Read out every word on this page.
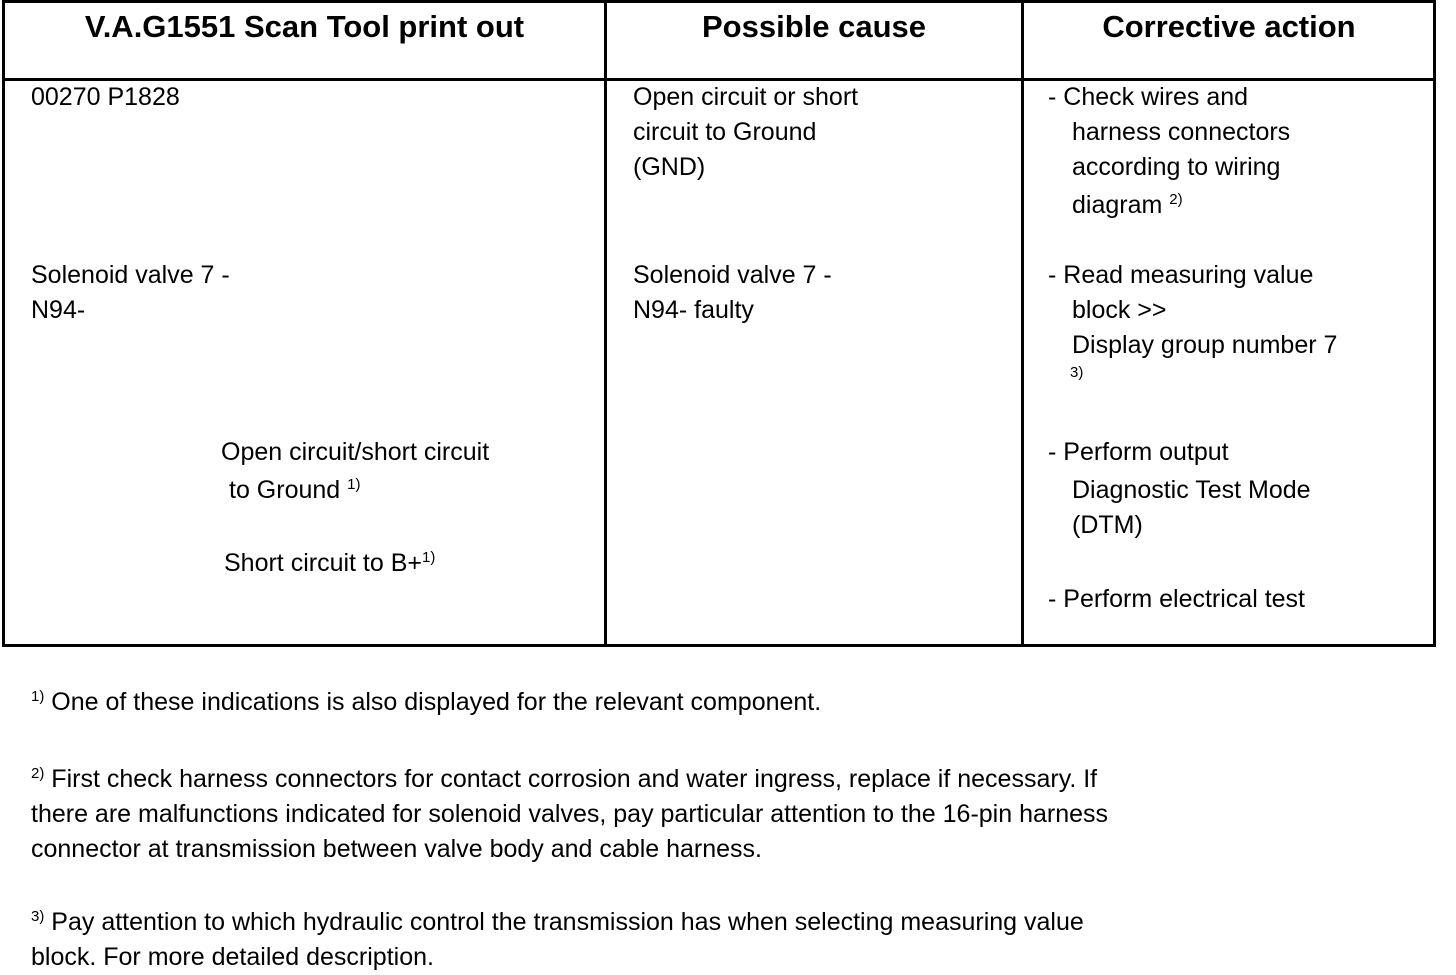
V.A.G1551 Scan Tool print out	Possible cause	Corrective action
00270 P1828
Solenoid valve 7 -
N94-
Open circuit/short circuit
to Ground $^{1)}$
Short circuit to B+$^{1)}$
Open circuit or short
circuit to Ground
(GND)
Solenoid valve 7 -
N94- faulty
- Check wires and
harness connectors
according to wiring
diagram $^{2)}$
- Read measuring value
block >>
Display group number 7
3)
- Perform output
Diagnostic Test Mode
(DTM)
- Perform electrical test
$^{1)}$ One of these indications is also displayed for the relevant component.
$^{2)}$ First check harness connectors for contact corrosion and water ingress, replace if necessary. If
there are malfunctions indicated for solenoid valves, pay particular attention to the 16-pin harness
connector at transmission between valve body and cable harness.
$^{3)}$ Pay attention to which hydraulic control the transmission has when selecting measuring value
block. For more detailed description.
